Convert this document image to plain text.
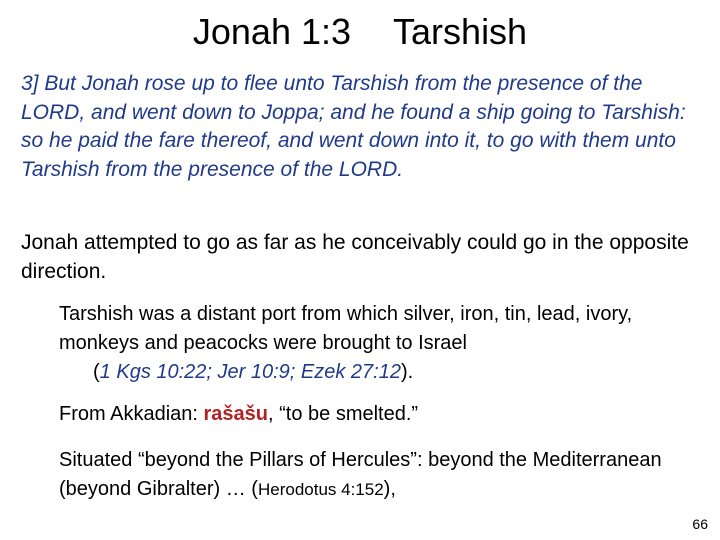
Jonah 1:3 Tarshish
3] But Jonah rose up to flee unto Tarshish from the presence of the LORD, and went down to Joppa; and he found a ship going to Tarshish: so he paid the fare thereof, and went down into it, to go with them unto Tarshish from the presence of the LORD.
Jonah attempted to go as far as he conceivably could go in the opposite direction.
Tarshish was a distant port from which silver, iron, tin, lead, ivory, monkeys and peacocks were brought to Israel
(1 Kgs 10:22; Jer 10:9; Ezek 27:12).
From Akkadian: rašašu, “to be smelted.”
Situated “beyond the Pillars of Hercules”: beyond the Mediterranean (beyond Gibralter) … (Herodotus 4:152),
66
